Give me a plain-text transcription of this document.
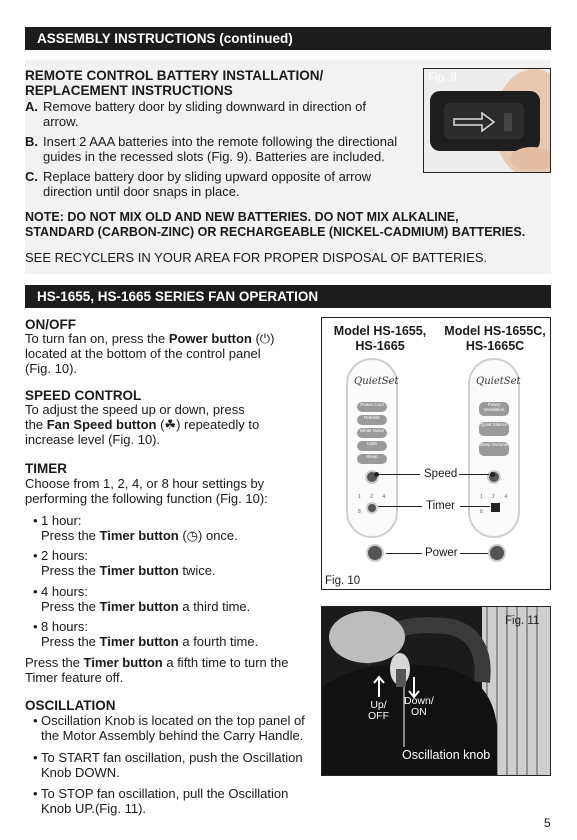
ASSEMBLY INSTRUCTIONS (continued)
REMOTE CONTROL BATTERY INSTALLATION/
REPLACEMENT INSTRUCTIONS
A. Remove battery door by sliding downward in direction of
arrow.
B. Insert 2 AAA batteries into the remote following the directional
guides in the recessed slots (Fig. 9). Batteries are included.
C. Replace battery door by sliding upward opposite of arrow
direction until door snaps in place.
NOTE: DO NOT MIX OLD AND NEW BATTERIES. DO NOT MIX ALKALINE,
STANDARD (CARBON-ZINC) OR RECHARGEABLE (NICKEL-CADMIUM) BATTERIES.
SEE RECYCLERS IN YOUR AREA FOR PROPER DISPOSAL OF BATTERIES.
Fig. 9
HS-1655, HS-1665 SERIES FAN OPERATION
ON/OFF
To turn fan on, press the Power button (⏻)
located at the bottom of the control panel
(Fig. 10).
SPEED CONTROL
To adjust the speed up or down, press
the Fan Speed button (☘) repeatedly to
increase level (Fig. 10).
TIMER
Choose from 1, 2, 4, or 8 hour settings by
performing the following function (Fig. 10):
• 1 hour:
Press the Timer button (◷) once.
• 2 hours:
Press the Timer button twice.
• 4 hours:
Press the Timer button a third time.
• 8 hours:
Press the Timer button a fourth time.
Press the Timer button a fifth time to turn the
Timer feature off.
OSCILLATION
• Oscillation Knob is located on the top panel of
the Motor Assembly behind the Carry Handle.
• To START fan oscillation, push the Oscillation
Knob DOWN.
• To STOP fan oscillation, pull the Oscillation
Knob UP.(Fig. 11).
Model HS-1655,
HS-1665
Model HS-1655C,
HS-1665C
QuietSet
Power Cool
Refresh
White Noise
Calm
Sleep
1 2 4 8
QuietSet
Power Ventilation
Quiet Silence
Sleep Summer
1 2 4 8
Speed
Timer
Power
Fig. 10
Fig. 11
Up/
OFF
Down/
ON
Oscillation knob
5
